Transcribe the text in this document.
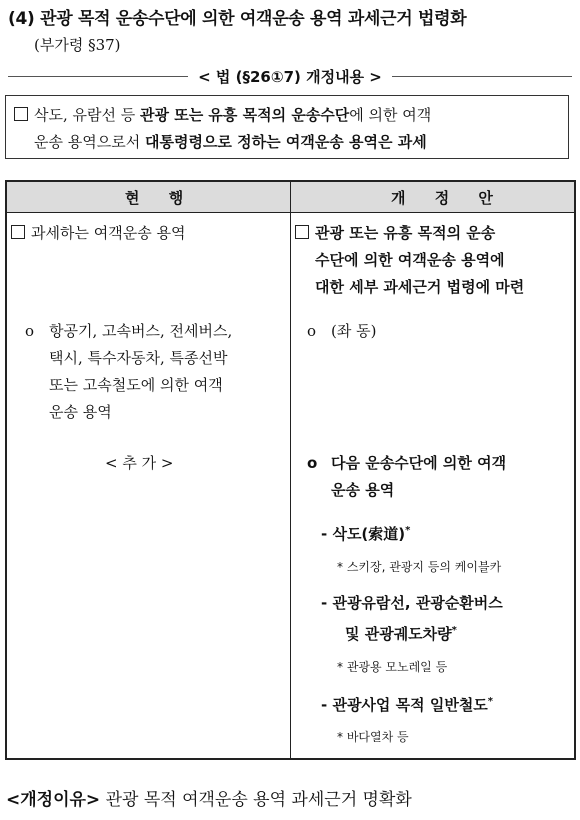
(4) 관광 목적 운송수단에 의한 여객운송 용역 과세근거 법령화
(부가령 §37)
< 법 (§26①7) 개정내용 >
삭도, 유람선 등 관광 또는 유흥 목적의 운송수단에 의한 여객
운송 용역으로서 대통령령으로 정하는 여객운송 용역은 과세
현 행	개 정 안
과세하는 여객운송 용역
o 항공기, 고속버스, 전세버스,
택시, 특수자동차, 특종선박
또는 고속철도에 의한 여객
운송 용역
< 추 가 >
관광 또는 유흥 목적의 운송
수단에 의한 여객운송 용역에
대한 세부 과세근거 법령에 마련
o (좌 동)
o 다음 운송수단에 의한 여객
운송 용역
- 삭도(索道)*
* 스키장, 관광지 등의 케이블카
- 관광유람선, 관광순환버스
및 관광궤도차량*
* 관광용 모노레일 등
- 관광사업 목적 일반철도*
* 바다열차 등
<개정이유> 관광 목적 여객운송 용역 과세근거 명확화
